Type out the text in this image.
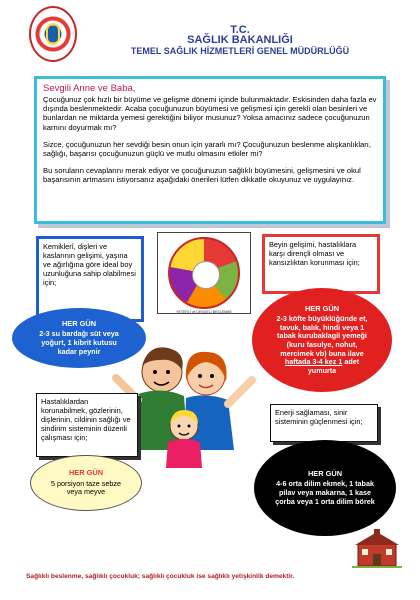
T.C.
SAĞLIK BAKANLIĞI
TEMEL SAĞLIK HİZMETLERİ GENEL MÜDÜRLÜĞÜ
Sevgili Anne ve Baba,

Çocuğunuz çok hızlı bir büyüme ve gelişme dönemi içinde bulunmaktadır. Eskisinden daha fazla ev dışında beslenmektedir. Acaba çocuğunuzun büyümesi ve gelişmesi için gerekli olan besinleri ve bunlardan ne miktarda yemesi gerektiğini biliyor musunuz? Yoksa amacınız sadece çocuğunuzun karnını doyurmak mı?

Sizce, çocuğunuzun her sevdiği besin onun için yararlı mı? Çocuğunuzun beslenme alışkanlıkları, sağlığı, başarısı çocuğunuzun güçlü ve mutlu olmasını etkiler mi?

Bu soruların cevaplarını merak ediyor ve çocuğunuzun sağlıklı büyümesini, gelişmesini ve okul başarısının artmasını istiyorsanız aşağıdaki önerileri lütfen dikkatle okuyunuz ve uygulayınız.

YETERLİ ve DENGELİ BESLENME
Kemiklerî, dişleri ve kaslarının gelişimi, yaşına ve ağırlığına göre ideal boy uzunluğuna sahip olabilmesi için;
HER GÜN
2-3 su bardağı süt veya yoğurt, 1 kibrit kutusu kadar peynir
Beyin gelişimi, hastalıklara karşı dirençli olması ve kansızlıktan korunması için;
HER GÜN
2-3 köfte büyüklüğünde et, tavuk, balık, hindi veya 1 tabak kurubaklagil yemeği (kuru fasulye, nohut, mercimek vb) buna ilave haftada 3-4 kez 1 adet yumurta
Hastalıklardan korunabilmek, gözlerinin, dişlerinin, cildinin sağlığı ve sindirim sisteminin düzenli çalışması için;
HER GÜN
5 porsiyon taze sebze veya meyve
Enerji sağlaması, sinir sisteminin güçlenmesi için;
HER GÜN
4-6 orta dilim ekmek, 1 tabak pilav veya makarna, 1 kase çorba veya 1 orta dilim börek
Sağlıklı beslenme, sağlıklı çocukluk; sağlıklı çocukluk ise sağlıklı yetişkinlik demektir.
